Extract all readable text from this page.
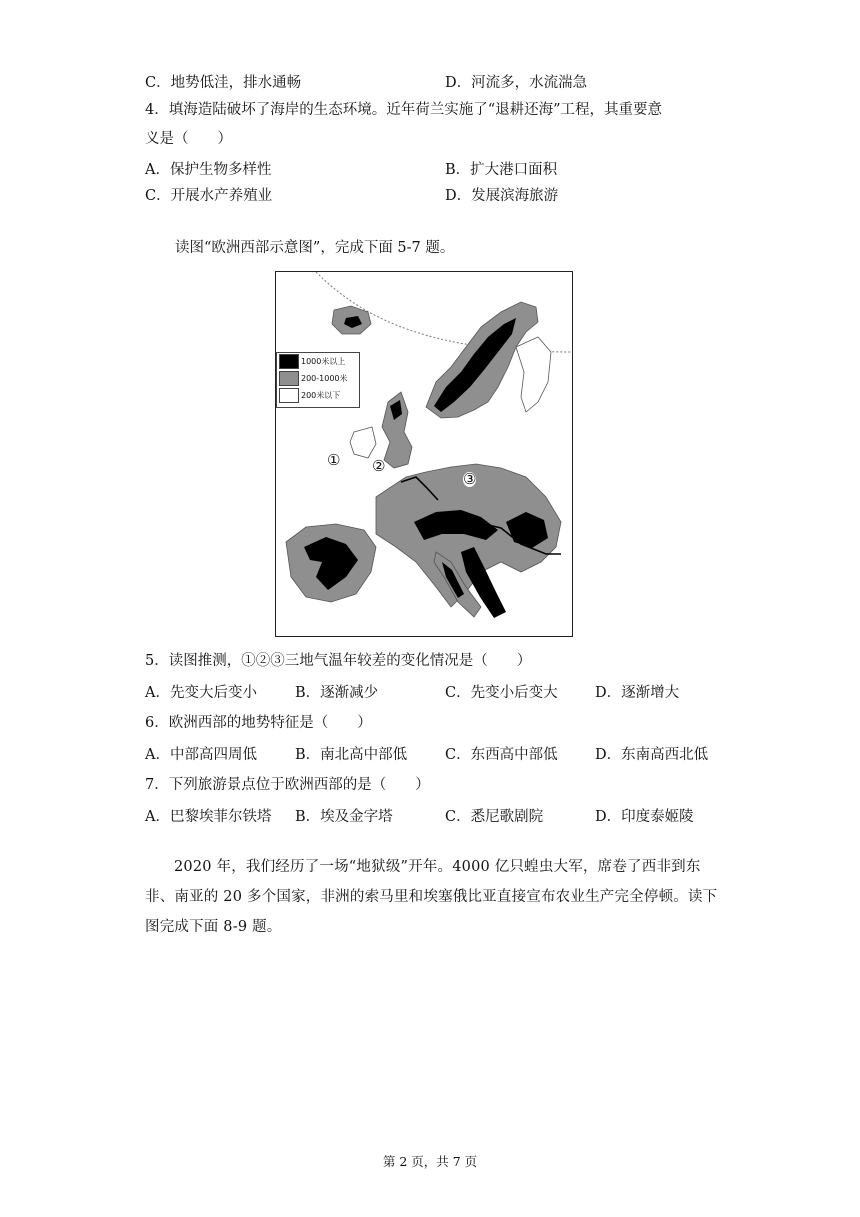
C．地势低洼，排水通畅	D．河流多，水流湍急
4．填海造陆破坏了海岸的生态环境。近年荷兰实施了“退耕还海”工程，其重要意
义是（　　）
A．保护生物多样性	B．扩大港口面积
C．开展水产养殖业	D．发展滨海旅游
读图“欧洲西部示意图”，完成下面 5-7 题。
1000米以上
200-1000米
200米以下
① ②
③
5．读图推测，①②③三地气温年较差的变化情况是（　　）
A．先变大后变小	B．逐渐减少	C．先变小后变大	D．逐渐增大
6．欧洲西部的地势特征是（　　）
A．中部高四周低	B．南北高中部低	C．东西高中部低	D．东南高西北低
7．下列旅游景点位于欧洲西部的是（　　）
A．巴黎埃菲尔铁塔 B．埃及金字塔	C．悉尼歌剧院	D．印度泰姬陵
2020 年，我们经历了一场“地狱级”开年。4000 亿只蝗虫大军，席卷了西非到东非、南亚的 20 多个国家，非洲的索马里和埃塞俄比亚直接宣布农业生产完全停顿。读下图完成下面 8-9 题。
第 2 页，共 7 页
